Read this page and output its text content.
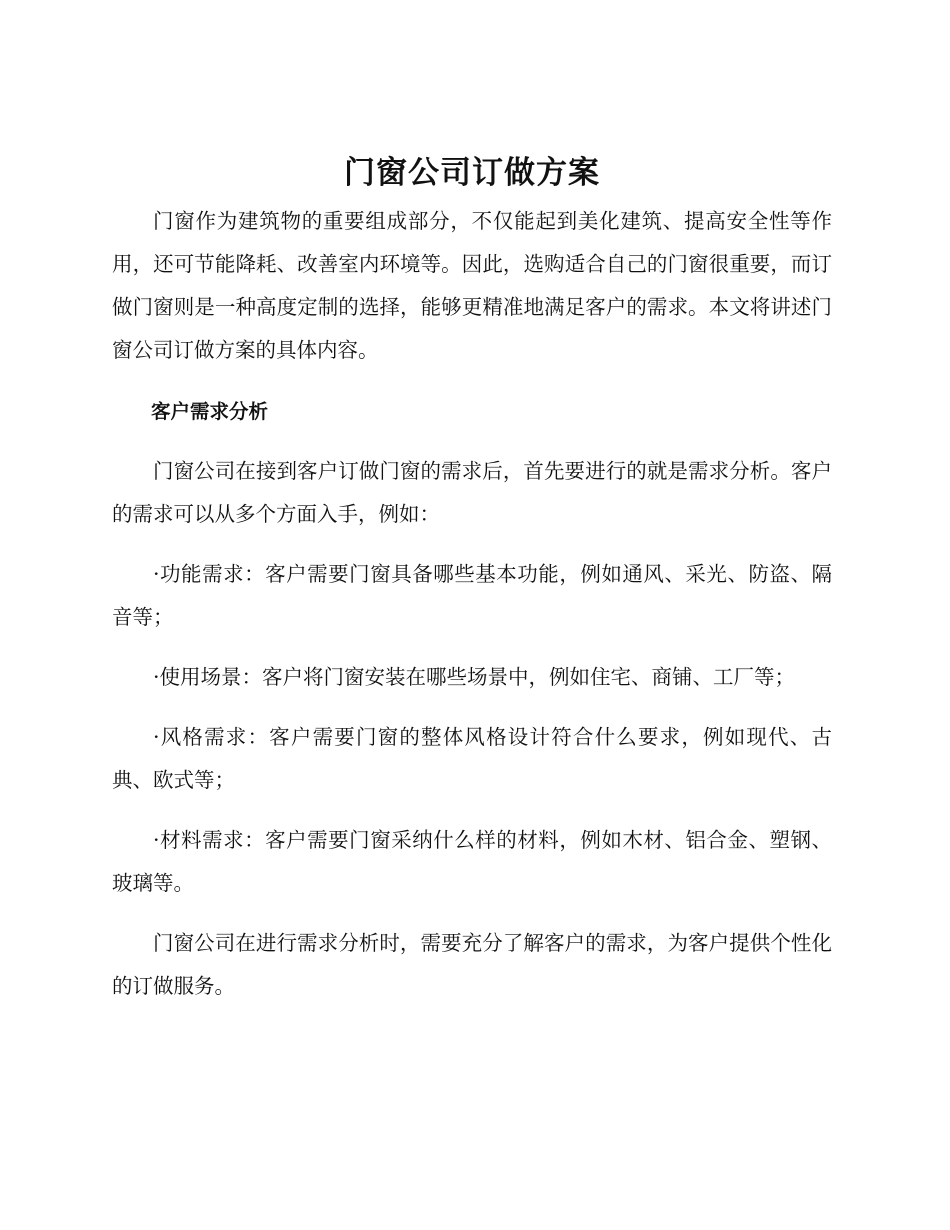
门窗公司订做方案

门窗作为建筑物的重要组成部分，不仅能起到美化建筑、提高安全性等作用，还可节能降耗、改善室内环境等。因此，选购适合自己的门窗很重要，而订做门窗则是一种高度定制的选择，能够更精准地满足客户的需求。本文将讲述门窗公司订做方案的具体内容。

客户需求分析

门窗公司在接到客户订做门窗的需求后，首先要进行的就是需求分析。客户的需求可以从多个方面入手，例如：

·功能需求：客户需要门窗具备哪些基本功能，例如通风、采光、防盗、隔音等；

·使用场景：客户将门窗安装在哪些场景中，例如住宅、商铺、工厂等；

·风格需求：客户需要门窗的整体风格设计符合什么要求，例如现代、古典、欧式等；

·材料需求：客户需要门窗采纳什么样的材料，例如木材、铝合金、塑钢、玻璃等。

门窗公司在进行需求分析时，需要充分了解客户的需求，为客户提供个性化的订做服务。
